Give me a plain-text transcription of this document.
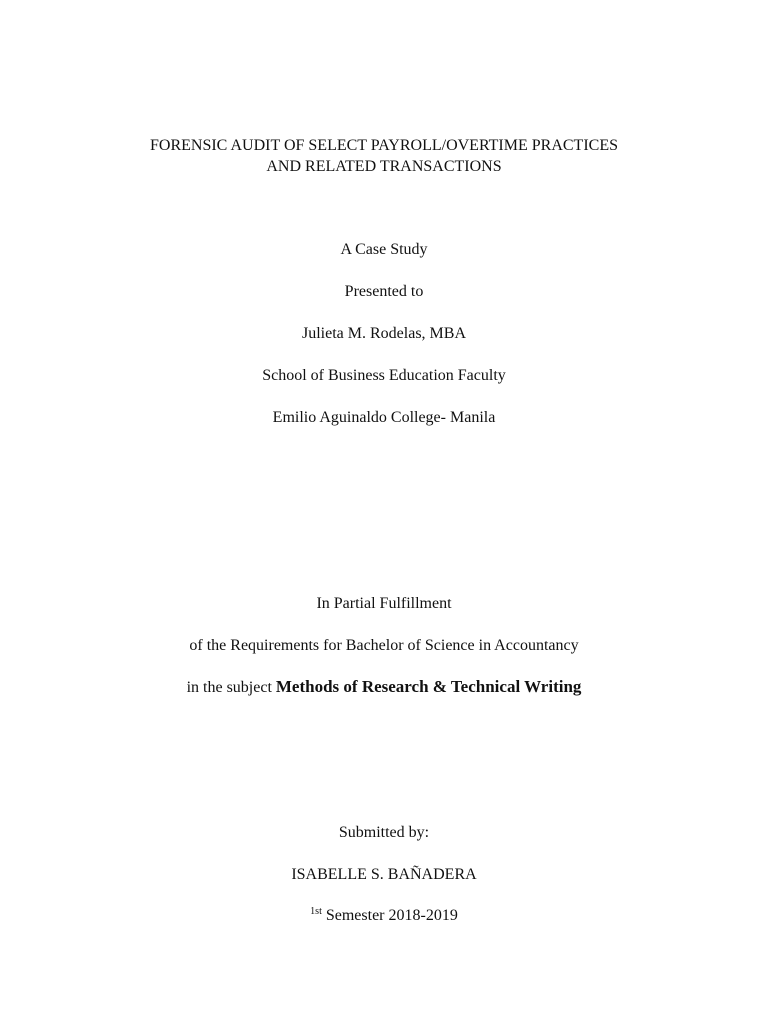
FORENSIC AUDIT OF SELECT PAYROLL/OVERTIME PRACTICES
AND RELATED TRANSACTIONS
A Case Study
Presented to
Julieta M. Rodelas, MBA
School of Business Education Faculty
Emilio Aguinaldo College- Manila
In Partial Fulfillment
of the Requirements for Bachelor of Science in Accountancy
in the subject Methods of Research & Technical Writing
Submitted by:
ISABELLE S. BAÑADERA
$^{1st}$ Semester 2018-2019
